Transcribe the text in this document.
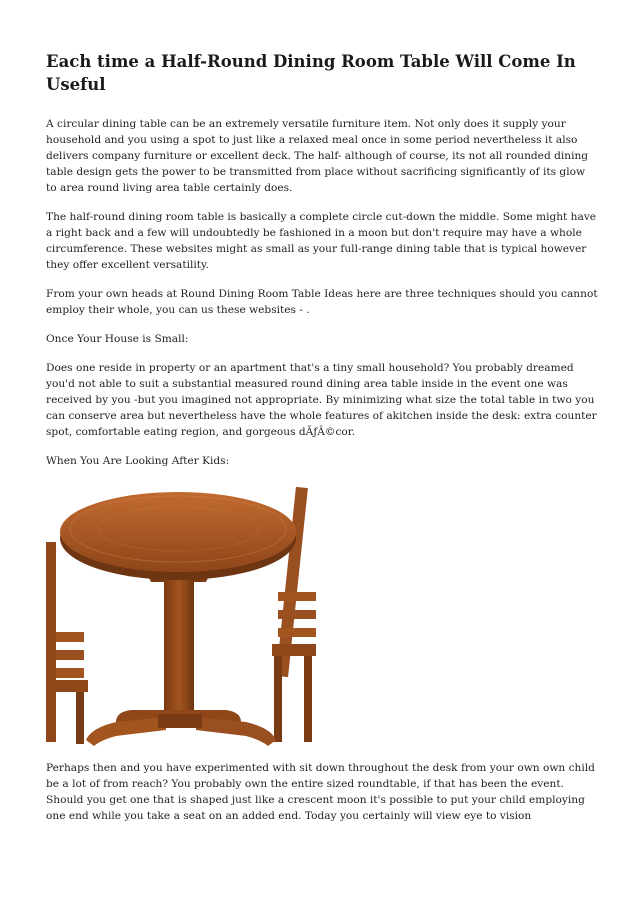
Each time a Half-Round Dining Room Table Will Come In Useful

A circular dining table can be an extremely versatile furniture item. Not only does it supply your household and you using a spot to just like a relaxed meal once in some period nevertheless it also delivers company furniture or excellent deck. The half- although of course, its not all rounded dining table design gets the power to be transmitted from place without sacrificing significantly of its glow to area round living area table certainly does.

The half-round dining room table is basically a complete circle cut-down the middle. Some might have a right back and a few will undoubtedly be fashioned in a moon but don't require may have a whole circumference. These websites might as small as your full-range dining table that is typical however they offer excellent versatility.

From your own heads at Round Dining Room Table Ideas here are three techniques should you cannot employ their whole, you can us these websites - .

Once Your House is Small:

Does one reside in property or an apartment that's a tiny small household? You probably dreamed you'd not able to suit a substantial measured round dining area table inside in the event one was received by you -but you imagined not appropriate. By minimizing what size the total table in two you can conserve area but nevertheless have the whole features of akitchen inside the desk: extra counter spot, comfortable eating region, and gorgeous dÃƒÂ©cor.

When You Are Looking After Kids:

Perhaps then and you have experimented with sit down throughout the desk from your own own child be a lot of from reach? You probably own the entire sized roundtable, if that has been the event. Should you get one that is shaped just like a crescent moon it's possible to put your child employing one end while you take a seat on an added end. Today you certainly will view eye to vision
